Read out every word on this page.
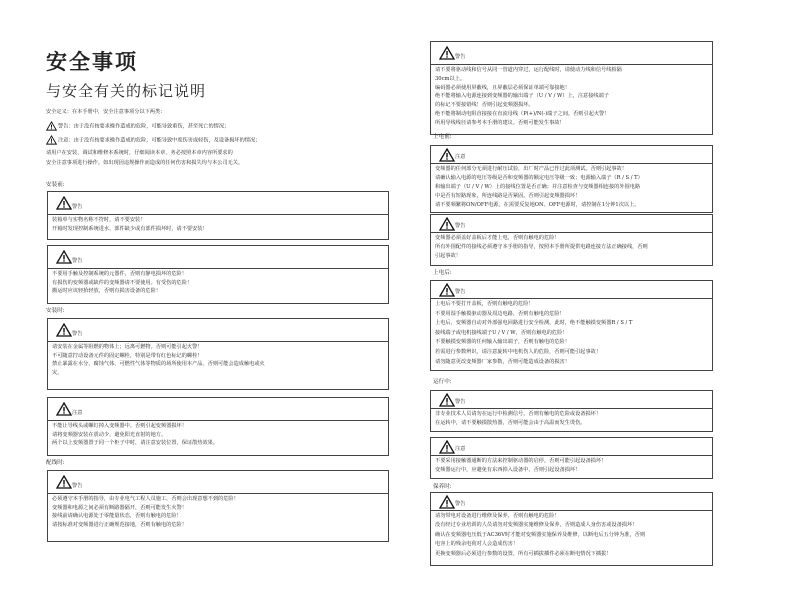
安全事项
与安全有关的标记说明
安全定义：在本手册中，安全注意事项分以下两类：
警告：由于没有按要求操作造成的危险，可能导致重伤，甚至死亡的情况；
注意：由于没有按要求操作造成的危险，可能导致中度伤害或轻伤，及设备损坏的情况；
请用户在安装、调试和维修本系统时，仔细阅读本章，务必按照本章内容所要求的
安全注意事项进行操作。如出现因违规操作而造成的任何伤害和损失均与本公司无关。
安装前:
警告
装箱单与实物名称不符时，请不要安装！
开箱时发现控制系统进水、部件缺少或有部件损坏时，请不要安装！
警告
不要用手触及控制系统的元器件，否则有静电损坏的危险！
有损伤的变频器或缺件的变频器请不要使用。有受伤的危险！
搬运时应该轻抬轻放，否则有损害设备的危险！
安装时:
警告
请安装在金属等阻燃的物体上；远离可燃物。否则可能引起火警！
不可随意拧动设备元件的固定螺栓，特别是带有红色标记的螺栓！
禁止暴露在水分、腐蚀气体、可燃性气体等物质的场所使用本产品。否则可能会造成触电或火
灾。
注意
不能让导线头或螺钉掉入变频器中。否则引起变频器损坏！
请将变频器安装在震动少，避免阳光直射的地方。
两个以上变频器置于同一个柜子中时，请注意安装位置，保证散热效果。
配线时:
警告
必须遵守本手册的指导，由专业电气工程人员施工，否则会出现意想不到的危险！
变频器和电源之间必须有断路器隔开，否则可能发生火警！
接线前请确认电源处于零能量状态，否则有触电的危险！
请按标准对变频器进行正确规范接地，否则有触电的危险！
警告
请不要将驱动线和信号从同一管道内穿过，运行配线时，请使动力线和信号线相隔
30cm以上。
编码器必须使用屏蔽线，且屏蔽层必须保证单端可靠接地！
绝不能将输入电源连接到变频器的输出端子（U / V / W）上，注意接线端子
的标记不要接错线！否则引起变频器损坏。
绝不能将制动电阻直接接在直流母线（P(+)/N(-)端子之间。否则引起火警！
所用导线线径请参考本手册的建议。否则可能发生事故！
上电前:
注意
变频器的任何部分无须进行耐压试验，出厂时产品已作过此项测试。否则引起事故！
请确认输入电源的电压等级是否和变频器的额定电压等级一致；电源输入端子（R / S / T）
和输出端子（U / V / W）上的接线位置是否正确；并注意检查与变频器相连接的外围电路
中是否有短路现象，所连线路是否紧固。否则引起变频器损坏！
请不要频繁将ON/OFF电源。在需要反复地ON、OFF电源时，请控制在1分钟1次以上。
警告
变频器必须盖好盖板后才能上电，否则有触电的危险！
所有外围配件的接线必须遵守本手册的指导，按照本手册所提供电路连接方法正确接线，否则
引起事故！
上电后:
警告
上电后不要打开盖板，否则有触电的危险！
不要用湿手触摸驱动器及周边电路，否则有触电的危险！
上电后，变频器自动对外部强电回路进行安全检测，此时，绝不能触摸变频器R / S / T
接线端子或电机接线端子U / V / W，否则有触电的危险！
不要触摸变频器的任何输入输出端子，否则有触电的危险！
若需进行参数辨识，请注意旋转中电机伤人的危险，否则可能引起事故！
请勿随意更改变频器厂家参数，否则可能造成设备的损害！
运行中:
警告
非专业技术人员请勿在运行中检测信号，否则有触电的危险或设备损坏！
在运转中，请不要触摸散热器，否则可能会由于高温而发生烫伤。
注意
不要采用接触器通断的方法来控制驱动器的启停，否则可能引起设备损坏！
变频器运行中，应避免有东西掉入设备中，否则引起设备损坏！
保养时:
警告
请勿带电对设备进行维修及保养，否则有触电的危险！
没有经过专业培训的人员请勿对变频器实施维修及保养，否则造成人身伤害或设备损坏！
确认在变频器电压低于AC36V时才能对变频器实施保养及维修，以断电后五分钟为准，否则
电容上的残余电荷对人会造成伤害！
更换变频器后必须进行参数的设置，所有可插拔插件必须在断电情况下插拔！
